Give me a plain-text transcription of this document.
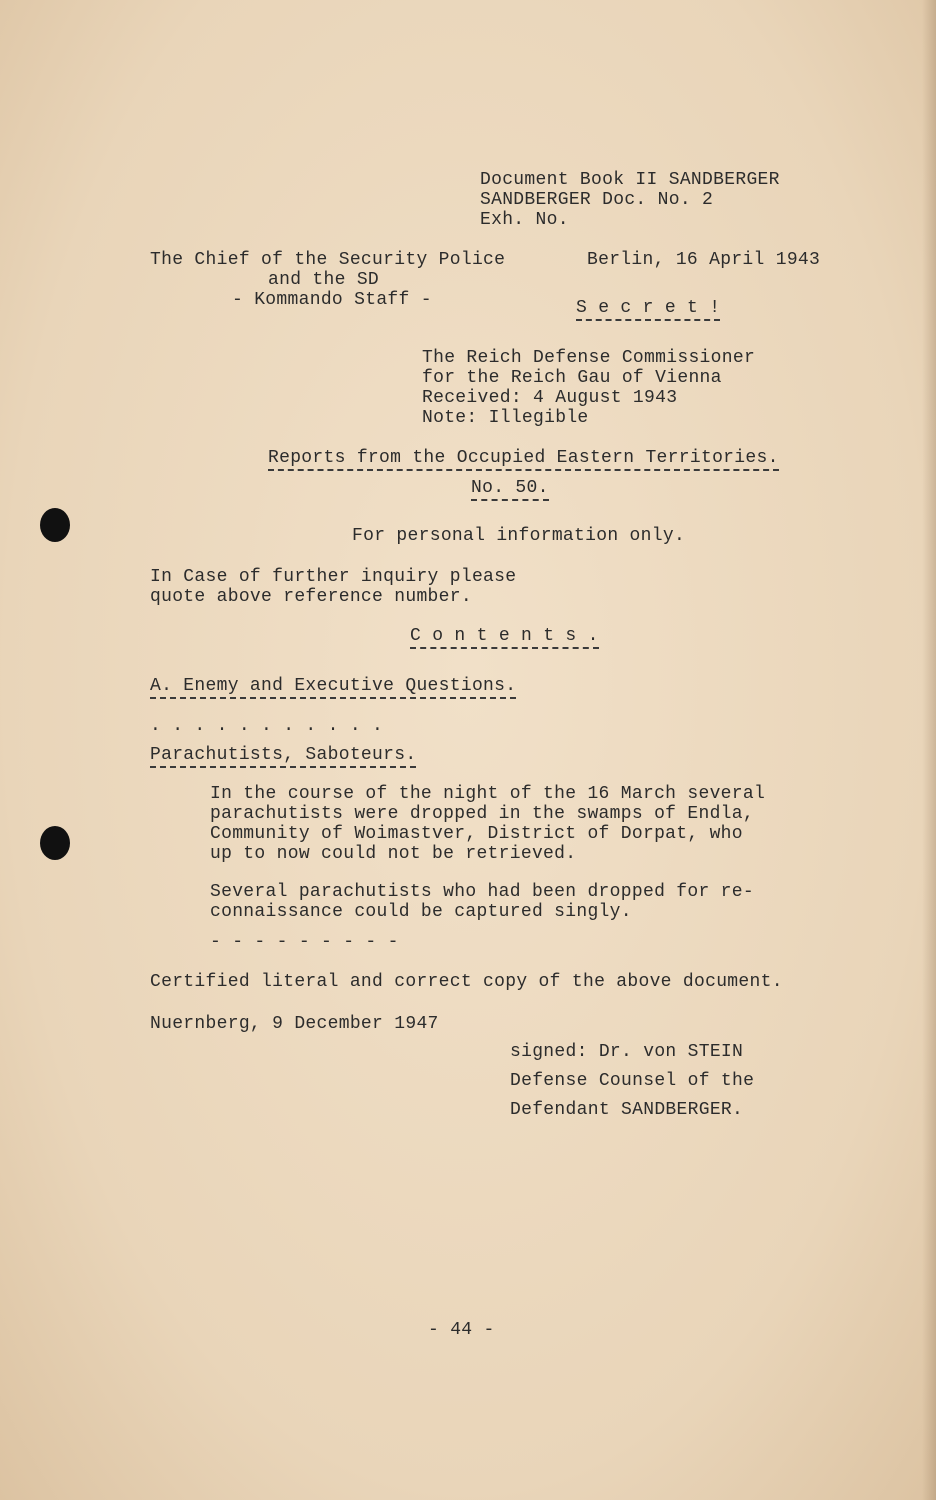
Document Book II SANDBERGER
SANDBERGER Doc. No. 2
Exh. No.
The Chief of the Security Police
and the SD
- Kommando Staff -
Berlin, 16 April 1943
S e c r e t !
The Reich Defense Commissioner
for the Reich Gau of Vienna
Received: 4 August 1943
Note: Illegible
Reports from the Occupied Eastern Territories.
No. 50.
For personal information only.
In Case of further inquiry please
quote above reference number.
C o n t e n t s .
A. Enemy and Executive Questions.
. . . . . . . . . . .
Parachutists, Saboteurs.
In the course of the night of the 16 March several
parachutists were dropped in the swamps of Endla,
Community of Woimastver, District of Dorpat, who
up to now could not be retrieved.
Several parachutists who had been dropped for re-
connaissance could be captured singly.
- - - - - - - - -
Certified literal and correct copy of the above document.
Nuernberg, 9 December 1947
signed: Dr. von STEIN
Defense Counsel of the
Defendant SANDBERGER.
- 44 -
